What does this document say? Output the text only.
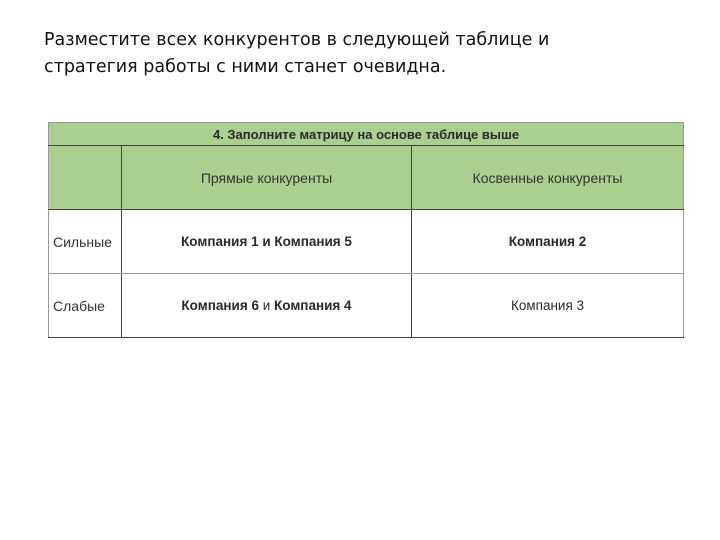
Разместите всех конкурентов в следующей таблице и
стратегия работы с ними станет очевидна.

4. Заполните матрицу на основе таблице выше		
	Прямые конкуренты	Косвенные конкуренты
Сильные	Компания 1 и Компания 5	Компания 2
Слабые	Компания 6 и Компания 4	Компания 3
